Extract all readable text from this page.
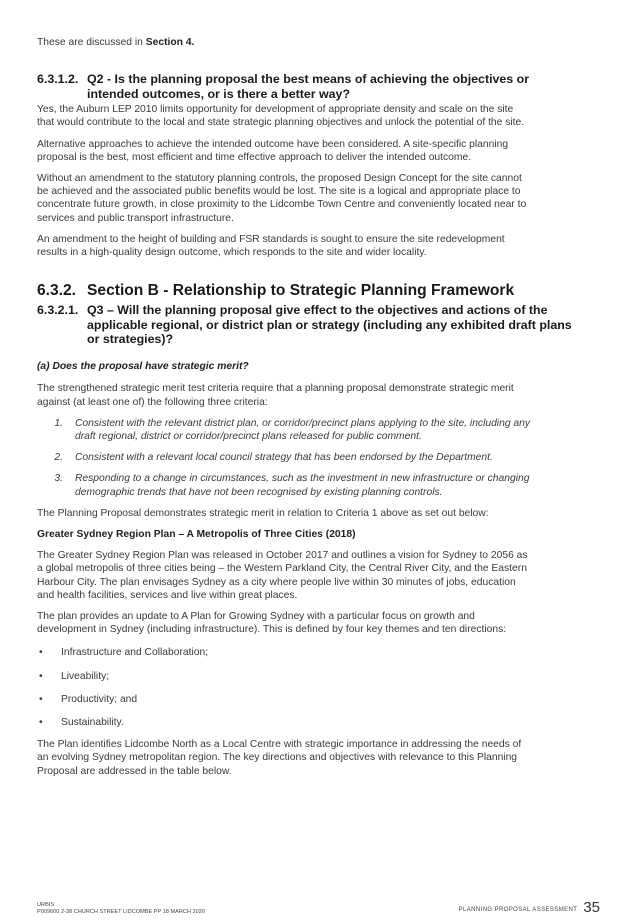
These are discussed in Section 4.

6.3.1.2. Q2 - Is the planning proposal the best means of achieving the objectives or
intended outcomes, or is there a better way?

Yes, the Auburn LEP 2010 limits opportunity for development of appropriate density and scale on the site
that would contribute to the local and state strategic planning objectives and unlock the potential of the site.

Alternative approaches to achieve the intended outcome have been considered. A site-specific planning
proposal is the best, most efficient and time effective approach to deliver the intended outcome.

Without an amendment to the statutory planning controls, the proposed Design Concept for the site cannot
be achieved and the associated public benefits would be lost. The site is a logical and appropriate place to
concentrate future growth, in close proximity to the Lidcombe Town Centre and conveniently located near to
services and public transport infrastructure.

An amendment to the height of building and FSR standards is sought to ensure the site redevelopment
results in a high-quality design outcome, which responds to the site and wider locality.

6.3.2. Section B - Relationship to Strategic Planning Framework
6.3.2.1. Q3 – Will the planning proposal give effect to the objectives and actions of the
applicable regional, or district plan or strategy (including any exhibited draft plans
or strategies)?

(a) Does the proposal have strategic merit?

The strengthened strategic merit test criteria require that a planning proposal demonstrate strategic merit
against (at least one of) the following three criteria:

1.	Consistent with the relevant district plan, or corridor/precinct plans applying to the site, including any
draft regional, district or corridor/precinct plans released for public comment.
2.	Consistent with a relevant local council strategy that has been endorsed by the Department.
3.	Responding to a change in circumstances, such as the investment in new infrastructure or changing
demographic trends that have not been recognised by existing planning controls.

The Planning Proposal demonstrates strategic merit in relation to Criteria 1 above as set out below:

Greater Sydney Region Plan – A Metropolis of Three Cities (2018)

The Greater Sydney Region Plan was released in October 2017 and outlines a vision for Sydney to 2056 as
a global metropolis of three cities being – the Western Parkland City, the Central River City, and the Eastern
Harbour City. The plan envisages Sydney as a city where people live within 30 minutes of jobs, education
and health facilities, services and live within great places.

The plan provides an update to A Plan for Growing Sydney with a particular focus on growth and
development in Sydney (including infrastructure). This is defined by four key themes and ten directions:

•	Infrastructure and Collaboration;
•	Liveability;
•	Productivity; and
•	Sustainability.

The Plan identifies Lidcombe North as a Local Centre with strategic importance in addressing the needs of
an evolving Sydney metropolitan region. The key directions and objectives with relevance to this Planning
Proposal are addressed in the table below.

URBIS
P009600 2-38 CHURCH STREET LIDCOMBE PP 18 MARCH 2020	PLANNING PROPOSAL ASSESSMENT 35
